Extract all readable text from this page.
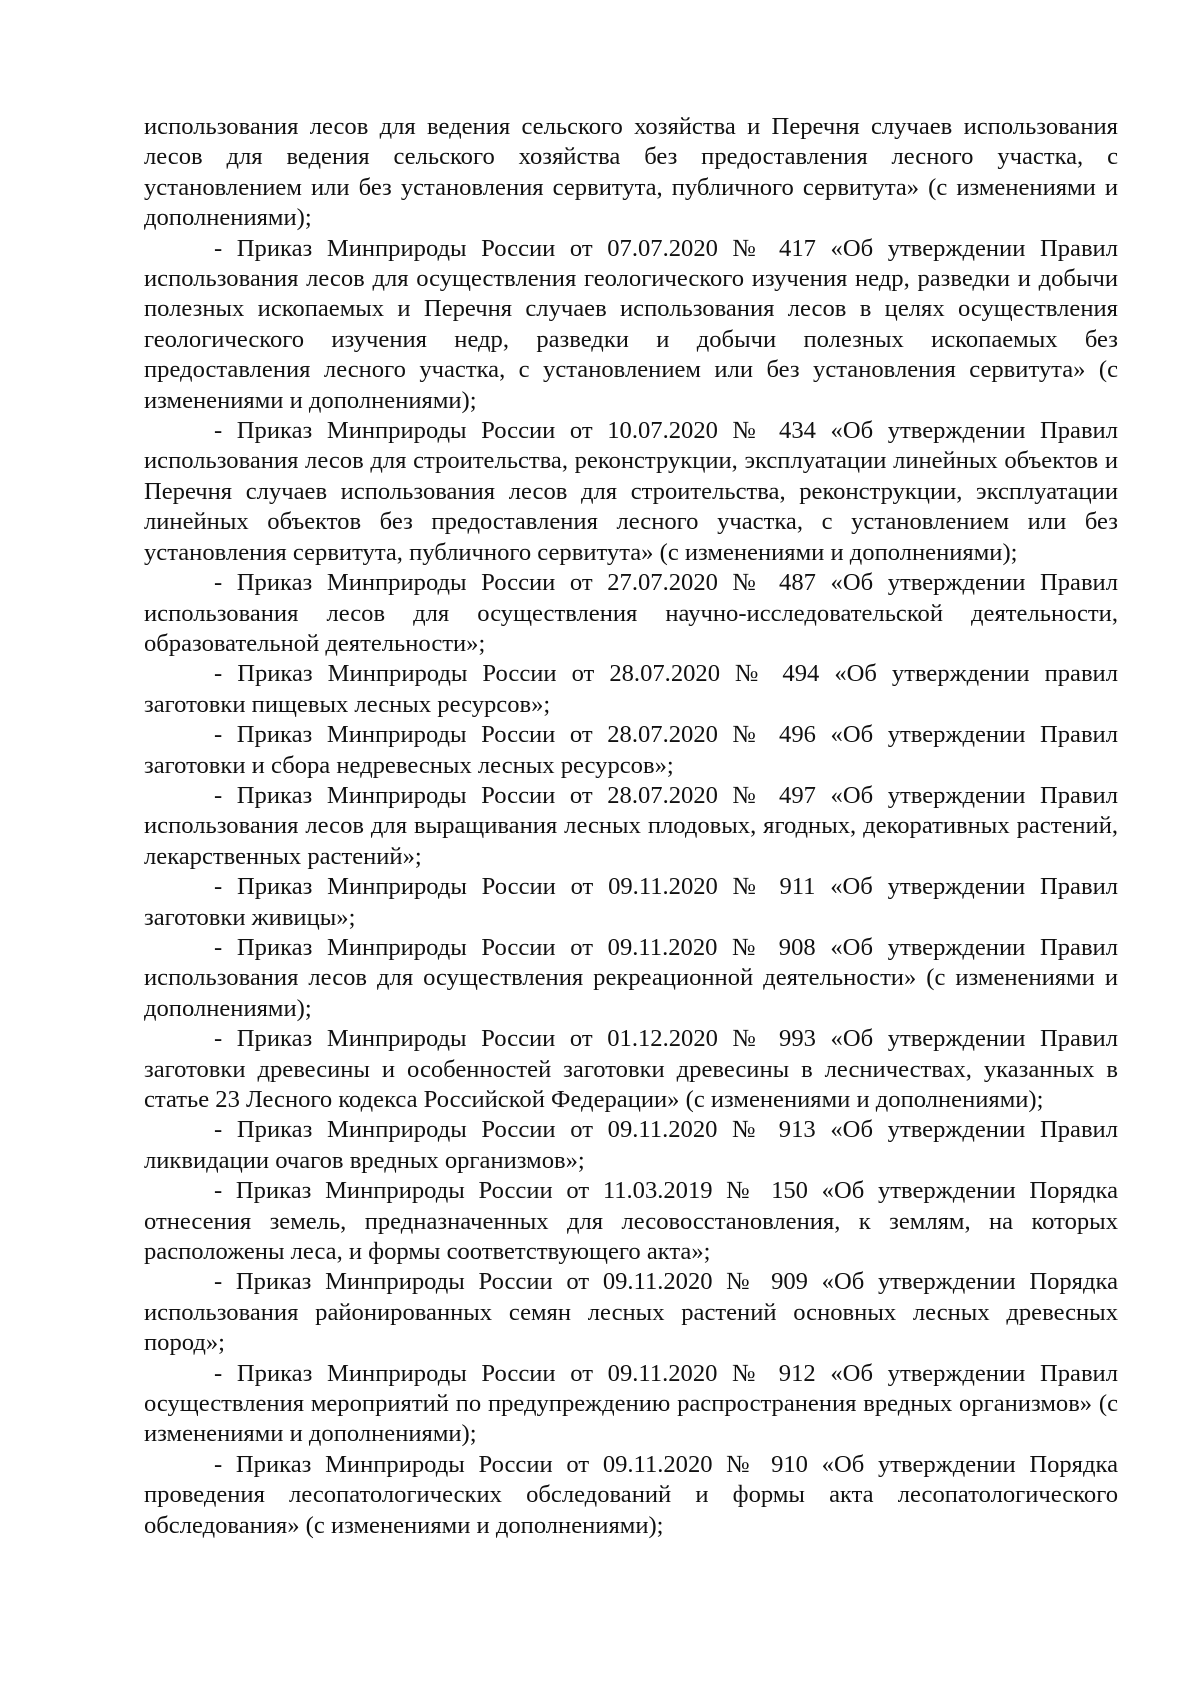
использования лесов для ведения сельского хозяйства и Перечня случаев использования лесов для ведения сельского хозяйства без предоставления лесного участка, с установлением или без установления сервитута, публичного сервитута» (с изменениями и дополнениями);

- Приказ Минприроды России от 07.07.2020 № 417 «Об утверждении Правил использования лесов для осуществления геологического изучения недр, разведки и добычи полезных ископаемых и Перечня случаев использования лесов в целях осуществления геологического изучения недр, разведки и добычи полезных ископаемых без предоставления лесного участка, с установлением или без установления сервитута» (с изменениями и дополнениями);

- Приказ Минприроды России от 10.07.2020 № 434 «Об утверждении Правил использования лесов для строительства, реконструкции, эксплуатации линейных объектов и Перечня случаев использования лесов для строительства, реконструкции, эксплуатации линейных объектов без предоставления лесного участка, с установлением или без установления сервитута, публичного сервитута» (с изменениями и дополнениями);

- Приказ Минприроды России от 27.07.2020 № 487 «Об утверждении Правил использования лесов для осуществления научно-исследовательской деятельности, образовательной деятельности»;

- Приказ Минприроды России от 28.07.2020 № 494 «Об утверждении правил заготовки пищевых лесных ресурсов»;

- Приказ Минприроды России от 28.07.2020 № 496 «Об утверждении Правил заготовки и сбора недревесных лесных ресурсов»;

- Приказ Минприроды России от 28.07.2020 № 497 «Об утверждении Правил использования лесов для выращивания лесных плодовых, ягодных, декоративных растений, лекарственных растений»;

- Приказ Минприроды России от 09.11.2020 № 911 «Об утверждении Правил заготовки живицы»;

- Приказ Минприроды России от 09.11.2020 № 908 «Об утверждении Правил использования лесов для осуществления рекреационной деятельности» (с изменениями и дополнениями);

- Приказ Минприроды России от 01.12.2020 № 993 «Об утверждении Правил заготовки древесины и особенностей заготовки древесины в лесничествах, указанных в статье 23 Лесного кодекса Российской Федерации» (с изменениями и дополнениями);

- Приказ Минприроды России от 09.11.2020 № 913 «Об утверждении Правил ликвидации очагов вредных организмов»;

- Приказ Минприроды России от 11.03.2019 № 150 «Об утверждении Порядка отнесения земель, предназначенных для лесовосстановления, к землям, на которых расположены леса, и формы соответствующего акта»;

- Приказ Минприроды России от 09.11.2020 № 909 «Об утверждении Порядка использования районированных семян лесных растений основных лесных древесных пород»;

- Приказ Минприроды России от 09.11.2020 № 912 «Об утверждении Правил осуществления мероприятий по предупреждению распространения вредных организмов» (с изменениями и дополнениями);

- Приказ Минприроды России от 09.11.2020 № 910 «Об утверждении Порядка проведения лесопатологических обследований и формы акта лесопатологического обследования» (с изменениями и дополнениями);
